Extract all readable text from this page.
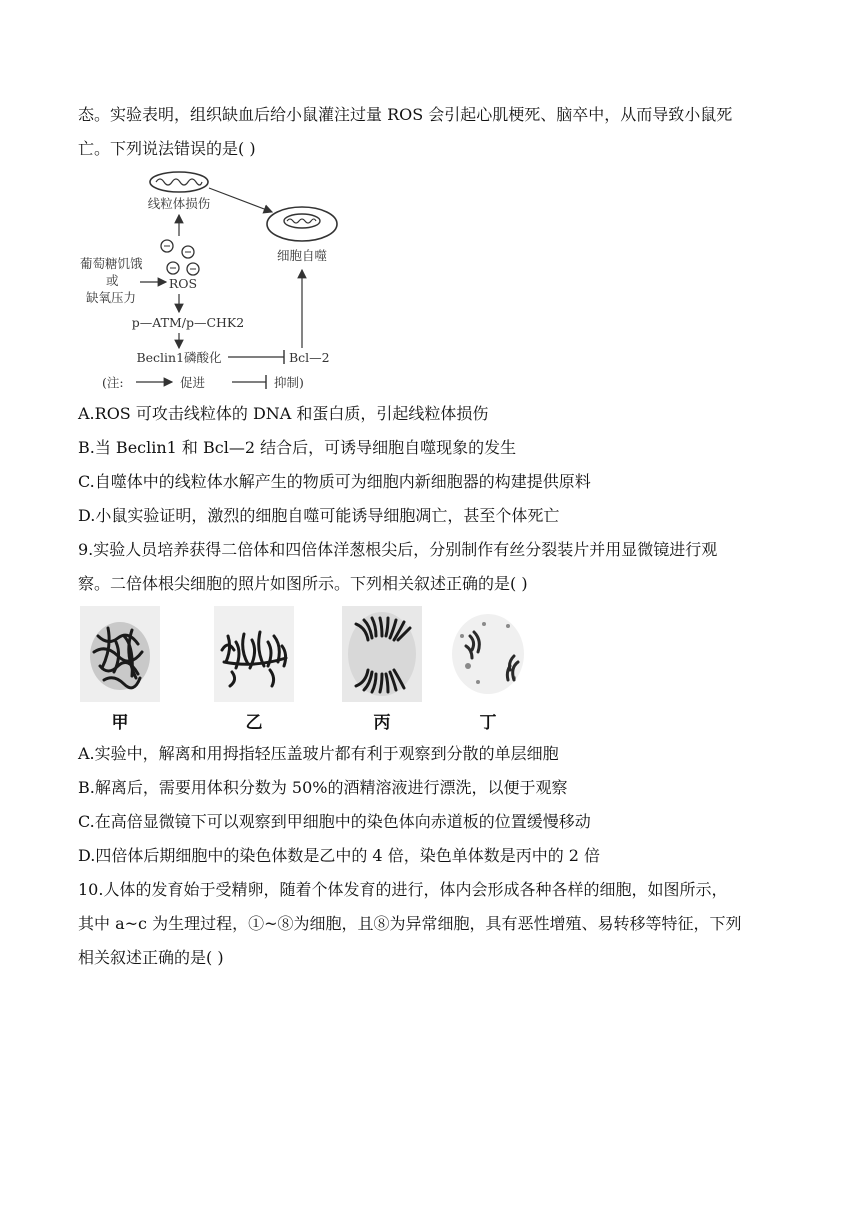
态。实验表明，组织缺血后给小鼠灌注过量 ROS 会引起心肌梗死、脑卒中，从而导致小鼠死
亡。下列说法错误的是( )
线粒体损伤
细胞自噬
ROS
葡萄糖饥饿
或
缺氧压力
p—ATM/p—CHK2
Beclin1磷酸化	Bcl—2
(注:	促进	抑制)
A.ROS 可攻击线粒体的 DNA 和蛋白质，引起线粒体损伤
B.当 Beclin1 和 Bcl—2 结合后，可诱导细胞自噬现象的发生
C.自噬体中的线粒体水解产生的物质可为细胞内新细胞器的构建提供原料
D.小鼠实验证明，激烈的细胞自噬可能诱导细胞凋亡，甚至个体死亡
9.实验人员培养获得二倍体和四倍体洋葱根尖后，分别制作有丝分裂装片并用显微镜进行观
察。二倍体根尖细胞的照片如图所示。下列相关叙述正确的是( )
甲	乙	丙	丁
A.实验中，解离和用拇指轻压盖玻片都有利于观察到分散的单层细胞
B.解离后，需要用体积分数为 50%的酒精溶液进行漂洗，以便于观察
C.在高倍显微镜下可以观察到甲细胞中的染色体向赤道板的位置缓慢移动
D.四倍体后期细胞中的染色体数是乙中的 4 倍，染色单体数是丙中的 2 倍
10.人体的发育始于受精卵，随着个体发育的进行，体内会形成各种各样的细胞，如图所示，
其中 a~c 为生理过程，①~⑧为细胞，且⑧为异常细胞，具有恶性增殖、易转移等特征，下列
相关叙述正确的是( )
